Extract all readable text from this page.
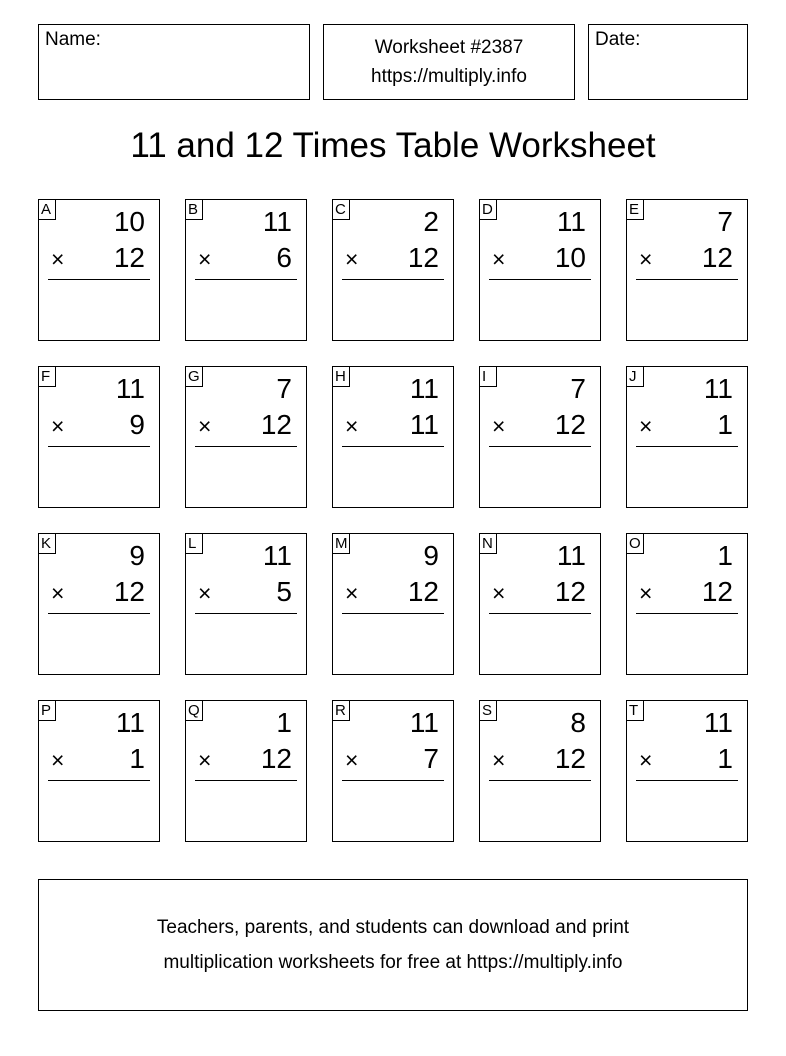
Name:	Worksheet #2387
https://multiply.info
Date:
11 and 12 Times Table Worksheet
A 10
× 12
B 11
× 6
C	2
× 12
D 11
× 10
E	7
× 12
F 11
× 9
G	7
× 12
H 11
× 11
I	7
× 12
J 11
× 1
K	9
× 12
L 11
× 5
M	9
× 12
N 11
× 12
O	1
× 12
P 11
× 1
Q	1
× 12
R 11
× 7
S	8
× 12
T 11
× 1
Teachers, parents, and students can download and print
multiplication worksheets for free at https://multiply.info
